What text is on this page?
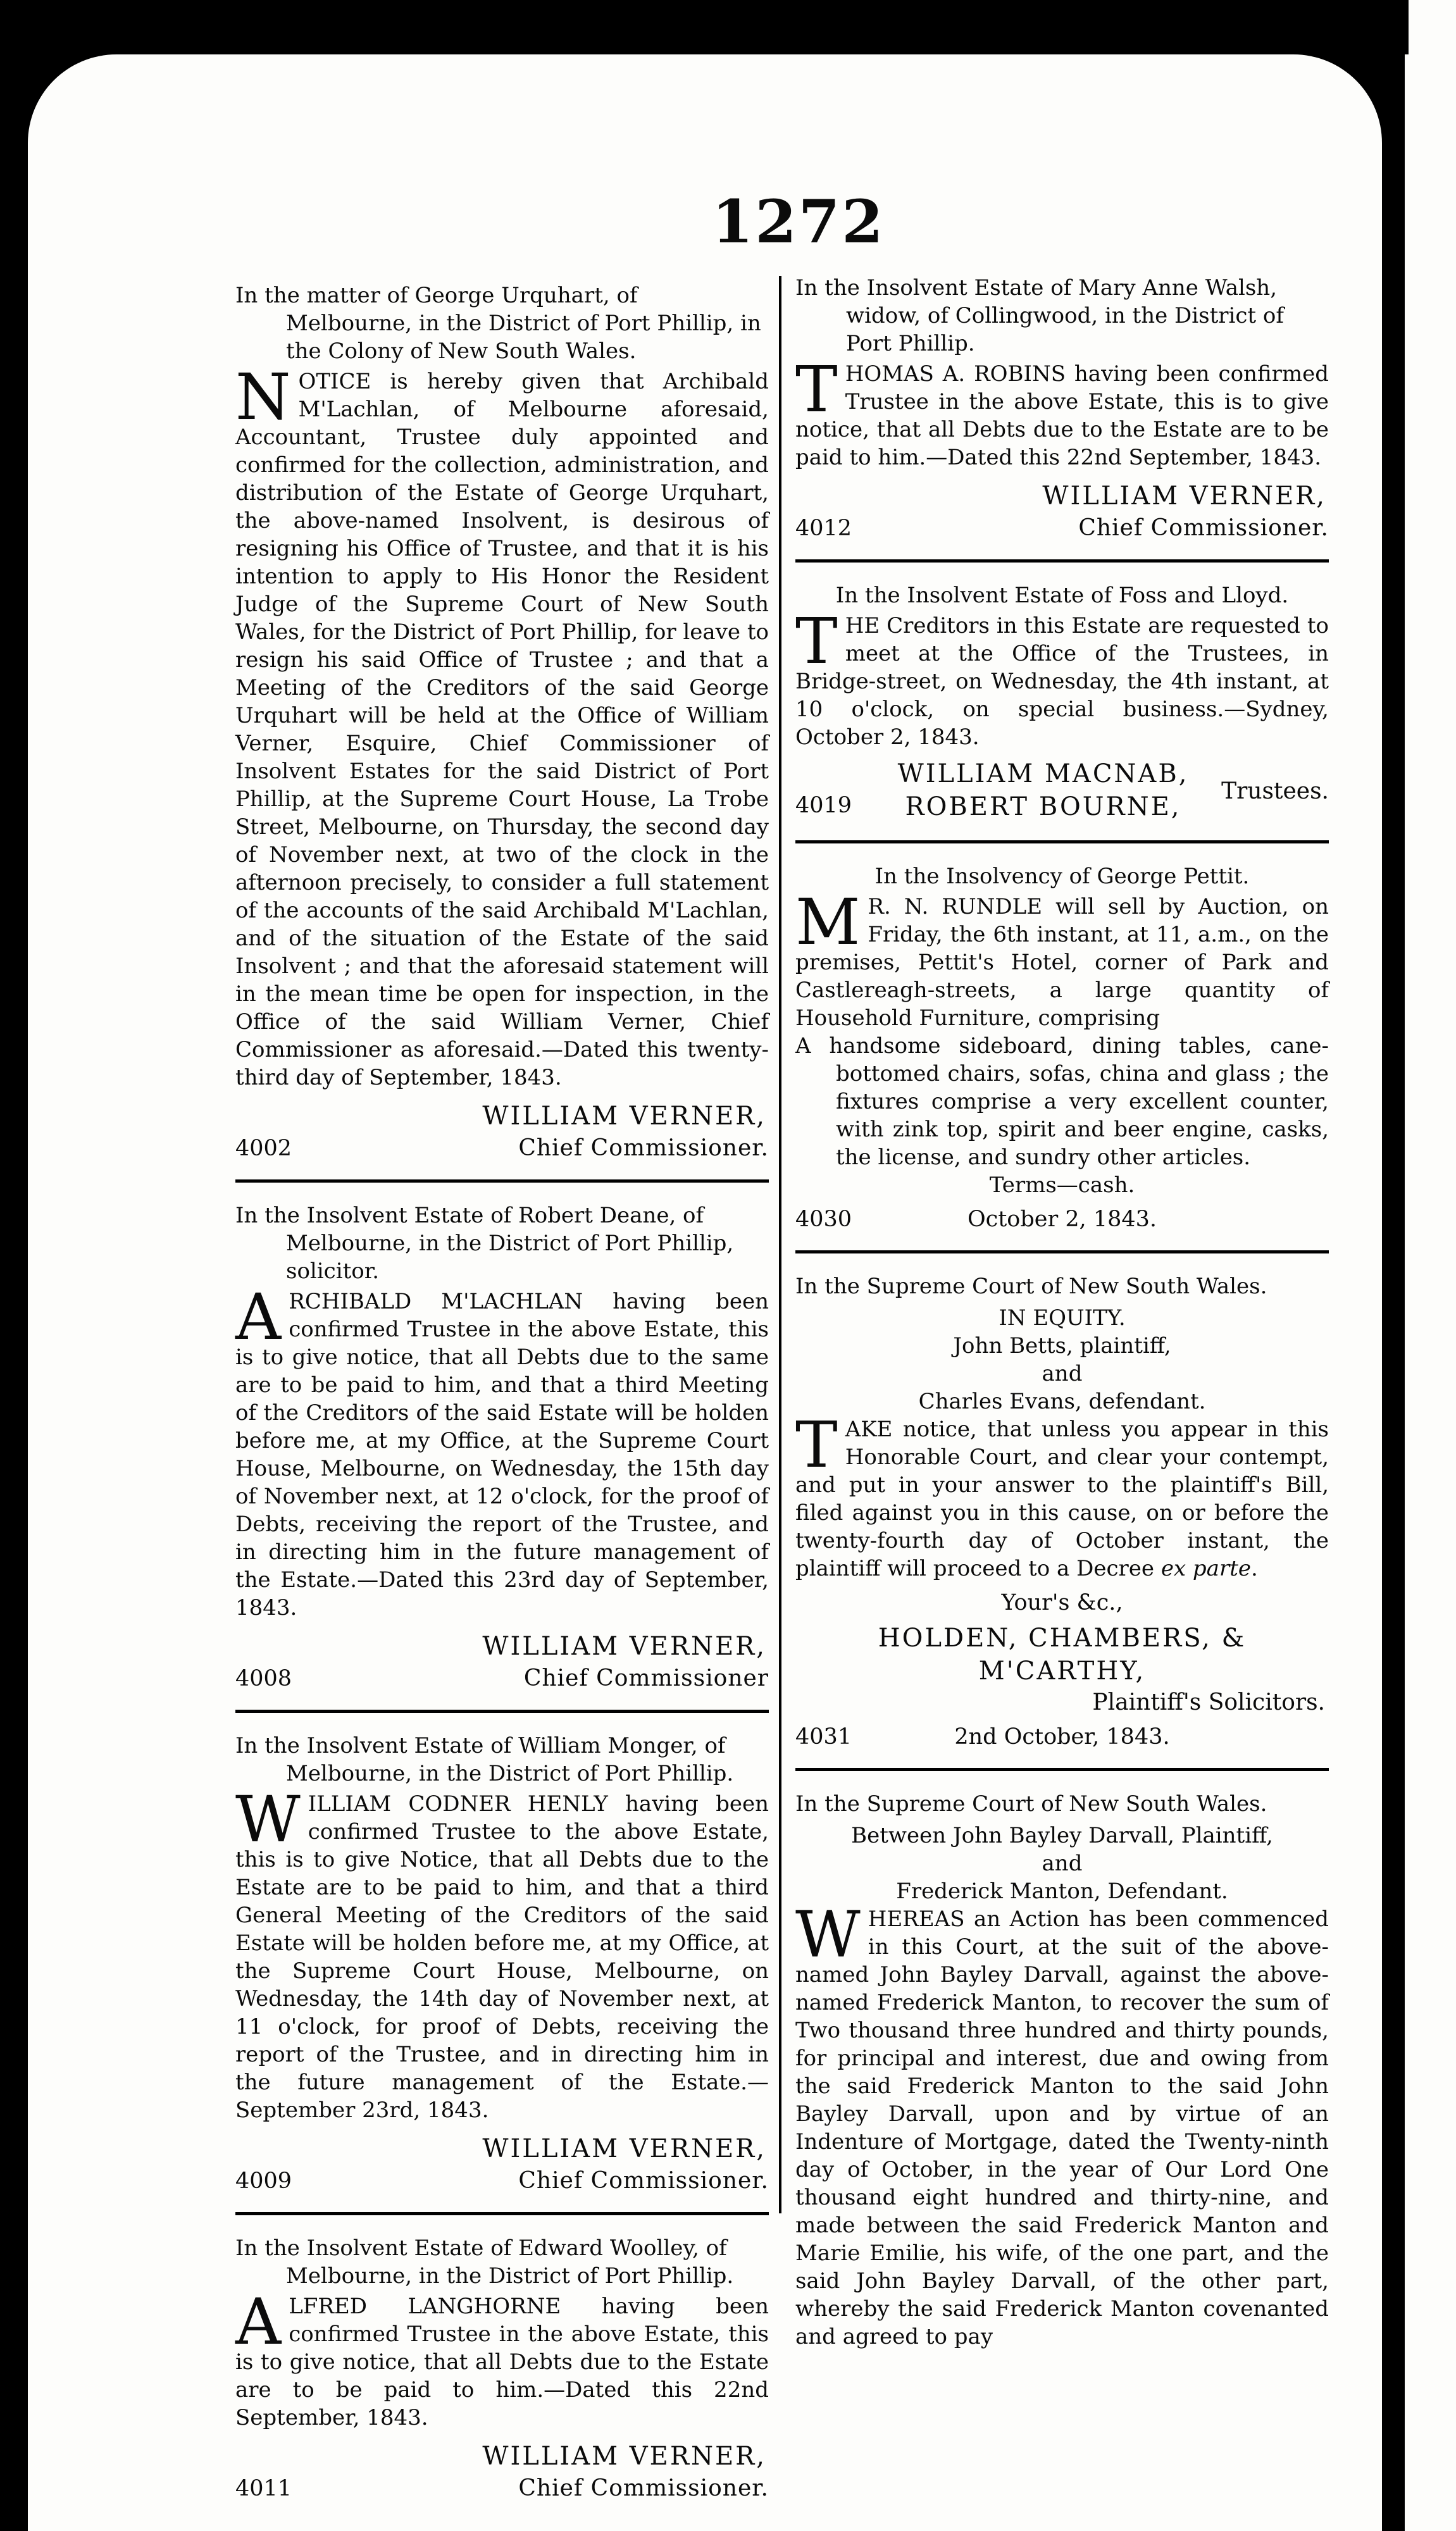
1272

In the matter of George Urquhart, of Melbourne, in the District of Port Phillip, in the Colony of New South Wales.

NOTICE is hereby given that Archibald M'Lachlan, of Melbourne aforesaid, Accountant, Trustee duly appointed and confirmed for the collection, administration, and distribution of the Estate of George Urquhart, the above-named Insolvent, is desirous of resigning his Office of Trustee, and that it is his intention to apply to His Honor the Resident Judge of the Supreme Court of New South Wales, for the District of Port Phillip, for leave to resign his said Office of Trustee ; and that a Meeting of the Creditors of the said George Urquhart will be held at the Office of William Verner, Esquire, Chief Commissioner of Insolvent Estates for the said District of Port Phillip, at the Supreme Court House, La Trobe Street, Melbourne, on Thursday, the second day of November next, at two of the clock in the afternoon precisely, to consider a full statement of the accounts of the said Archibald M'Lachlan, and of the situation of the Estate of the said Insolvent ; and that the aforesaid statement will in the mean time be open for inspection, in the Office of the said William Verner, Chief Commissioner as aforesaid.—Dated this twenty-third day of September, 1843.

WILLIAM VERNER,

4002	Chief Commissioner.

In the Insolvent Estate of Robert Deane, of Melbourne, in the District of Port Phillip, solicitor.

ARCHIBALD M'LACHLAN having been confirmed Trustee in the above Estate, this is to give notice, that all Debts due to the same are to be paid to him, and that a third Meeting of the Creditors of the said Estate will be holden before me, at my Office, at the Supreme Court House, Melbourne, on Wednesday, the 15th day of November next, at 12 o'clock, for the proof of Debts, receiving the report of the Trustee, and in directing him in the future management of the Estate.—Dated this 23rd day of September, 1843.

WILLIAM VERNER,

4008	Chief Commissioner

In the Insolvent Estate of William Monger, of Melbourne, in the District of Port Phillip.

WILLIAM CODNER HENLY having been confirmed Trustee to the above Estate, this is to give Notice, that all Debts due to the Estate are to be paid to him, and that a third General Meeting of the Creditors of the said Estate will be holden before me, at my Office, at the Supreme Court House, Melbourne, on Wednesday, the 14th day of November next, at 11 o'clock, for proof of Debts, receiving the report of the Trustee, and in directing him in the future management of the Estate.—September 23rd, 1843.

WILLIAM VERNER,

4009	Chief Commissioner.

In the Insolvent Estate of Edward Woolley, of Melbourne, in the District of Port Phillip.

ALFRED LANGHORNE having been confirmed Trustee in the above Estate, this is to give notice, that all Debts due to the Estate are to be paid to him.—Dated this 22nd September, 1843.

WILLIAM VERNER,

4011	Chief Commissioner.

In the Insolvent Estate of Mary Anne Walsh, widow, of Collingwood, in the District of Port Phillip.

THOMAS A. ROBINS having been confirmed Trustee in the above Estate, this is to give notice, that all Debts due to the Estate are to be paid to him.—Dated this 22nd September, 1843.

WILLIAM VERNER,

4012	Chief Commissioner.

In the Insolvent Estate of Foss and Lloyd.

THE Creditors in this Estate are requested to meet at the Office of the Trustees, in Bridge-street, on Wednesday, the 4th instant, at 10 o'clock, on special business.—Sydney, October 2, 1843.

WILLIAM MACNAB,

ROBERT BOURNE,

Trustees.
4019

In the Insolvency of George Pettit.

M R. N. RUNDLE will sell by Auction, on Friday, the 6th instant, at 11, a.m., on the premises, Pettit's Hotel, corner of Park and Castlereagh-streets, a large quantity of Household Furniture, comprising

A handsome sideboard, dining tables, cane-bottomed chairs, sofas, china and glass ; the fixtures comprise a very excellent counter, with zink top, spirit and beer engine, casks, the license, and sundry other articles.

Terms—cash.

4030	October 2, 1843.

In the Supreme Court of New South Wales.

IN EQUITY.

John Betts, plaintiff,

and

Charles Evans, defendant.

TAKE notice, that unless you appear in this Honorable Court, and clear your contempt, and put in your answer to the plaintiff's Bill, filed against you in this cause, on or before the twenty-fourth day of October instant, the plaintiff will proceed to a Decree ex parte.

Your's &c.,

HOLDEN, CHAMBERS, & M'CARTHY,

Plaintiff's Solicitors.

4031	2nd October, 1843.

In the Supreme Court of New South Wales.

Between John Bayley Darvall, Plaintiff,

and

Frederick Manton, Defendant.

WHEREAS an Action has been commenced in this Court, at the suit of the above-named John Bayley Darvall, against the above-named Frederick Manton, to recover the sum of Two thousand three hundred and thirty pounds, for principal and interest, due and owing from the said Frederick Manton to the said John Bayley Darvall, upon and by virtue of an Indenture of Mortgage, dated the Twenty-ninth day of October, in the year of Our Lord One thousand eight hundred and thirty-nine, and made between the said Frederick Manton and Marie Emilie, his wife, of the one part, and the said John Bayley Darvall, of the other part, whereby the said Frederick Manton covenanted and agreed to pay
